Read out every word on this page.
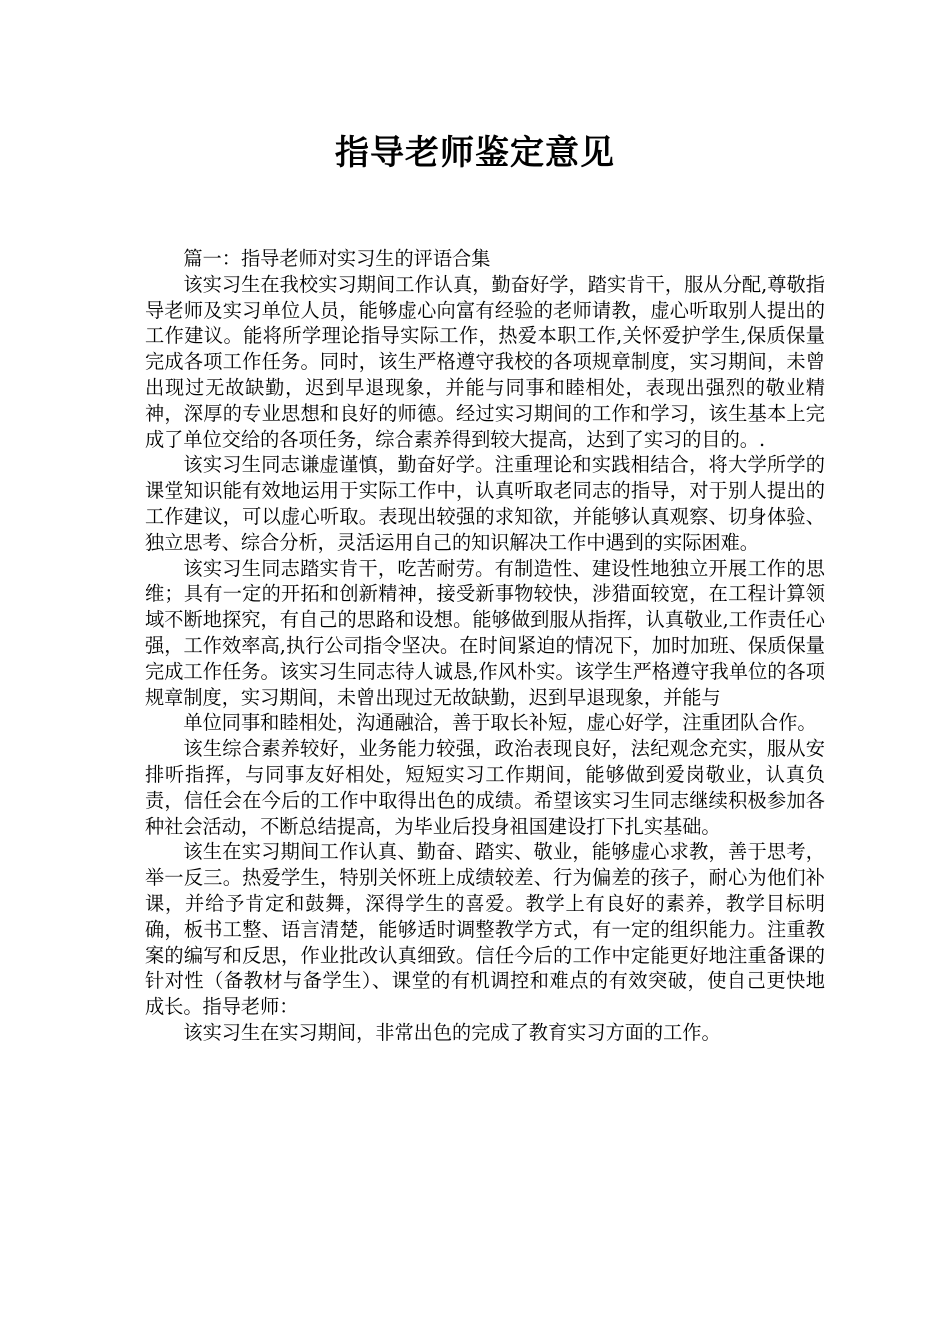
指导老师鉴定意见

篇一：指导老师对实习生的评语合集

该实习生在我校实习期间工作认真，勤奋好学，踏实肯干，服从分配,尊敬指导老师及实习单位人员，能够虚心向富有经验的老师请教，虚心听取别人提出的工作建议。能将所学理论指导实际工作，热爱本职工作,关怀爱护学生,保质保量完成各项工作任务。同时，该生严格遵守我校的各项规章制度，实习期间，未曾出现过无故缺勤，迟到早退现象，并能与同事和睦相处，表现出强烈的敬业精神，深厚的专业思想和良好的师德。经过实习期间的工作和学习，该生基本上完成了单位交给的各项任务，综合素养得到较大提高，达到了实习的目的。.

该实习生同志谦虚谨慎，勤奋好学。注重理论和实践相结合，将大学所学的课堂知识能有效地运用于实际工作中，认真听取老同志的指导，对于别人提出的工作建议，可以虚心听取。表现出较强的求知欲，并能够认真观察、切身体验、独立思考、综合分析，灵活运用自己的知识解决工作中遇到的实际困难。

该实习生同志踏实肯干，吃苦耐劳。有制造性、建设性地独立开展工作的思维；具有一定的开拓和创新精神，接受新事物较快，涉猎面较宽，在工程计算领域不断地探究，有自己的思路和设想。能够做到服从指挥，认真敬业,工作责任心强，工作效率高,执行公司指令坚决。在时间紧迫的情况下，加时加班、保质保量完成工作任务。该实习生同志待人诚恳,作风朴实。该学生严格遵守我单位的各项规章制度，实习期间，未曾出现过无故缺勤，迟到早退现象，并能与

单位同事和睦相处，沟通融洽，善于取长补短，虚心好学，注重团队合作。

该生综合素养较好，业务能力较强，政治表现良好，法纪观念充实，服从安排听指挥，与同事友好相处，短短实习工作期间，能够做到爱岗敬业，认真负责，信任会在今后的工作中取得出色的成绩。希望该实习生同志继续积极参加各种社会活动，不断总结提高，为毕业后投身祖国建设打下扎实基础。

该生在实习期间工作认真、勤奋、踏实、敬业，能够虚心求教，善于思考，举一反三。热爱学生，特别关怀班上成绩较差、行为偏差的孩子，耐心为他们补课，并给予肯定和鼓舞，深得学生的喜爱。教学上有良好的素养，教学目标明确，板书工整、语言清楚，能够适时调整教学方式，有一定的组织能力。注重教案的编写和反思，作业批改认真细致。信任今后的工作中定能更好地注重备课的针对性（备教材与备学生）、课堂的有机调控和难点的有效突破，使自己更快地成长。指导老师：

该实习生在实习期间，非常出色的完成了教育实习方面的工作。
